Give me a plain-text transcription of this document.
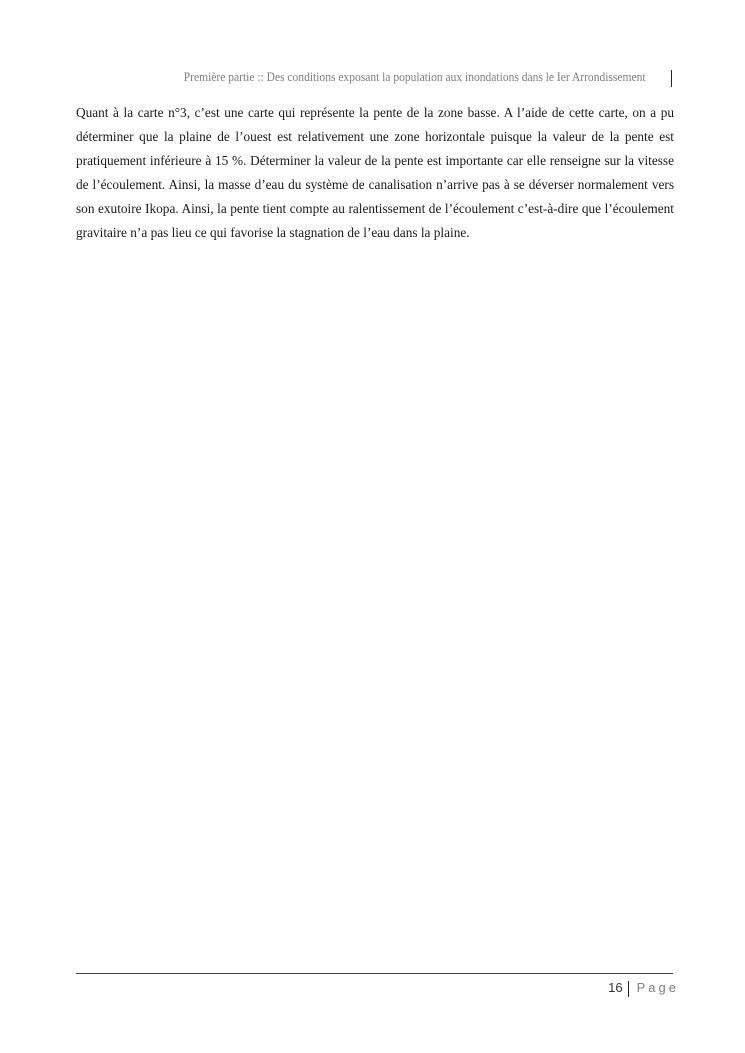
Première partie :: Des conditions exposant la population aux inondations dans le Ier Arrondissement

Quant à la carte n°3, c’est une carte qui représente la pente de la zone basse. A l’aide de cette carte, on a pu déterminer que la plaine de l’ouest est relativement une zone horizontale puisque la valeur de la pente est pratiquement inférieure à 15 %. Déterminer la valeur de la pente est importante car elle renseigne sur la vitesse de l’écoulement. Ainsi, la masse d’eau du système de canalisation n’arrive pas à se déverser normalement vers son exutoire Ikopa. Ainsi, la pente tient compte au ralentissement de l’écoulement c’est-à-dire que l’écoulement gravitaire n’a pas lieu ce qui favorise la stagnation de l’eau dans la plaine.

16 Page
